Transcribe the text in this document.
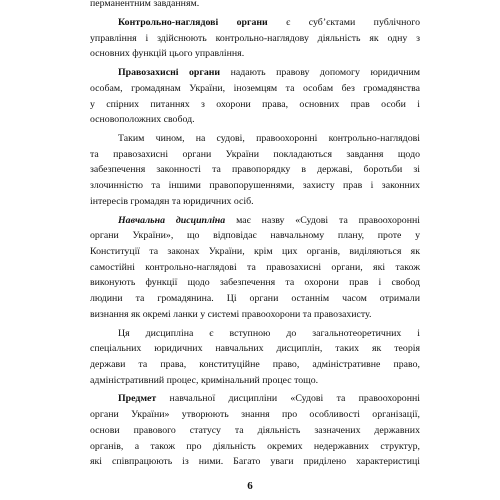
перманентним завданням.

Контрольно-наглядові органи є суб’єктами публічного
управління і здійснюють контрольно-наглядову діяльність як одну з
основних функцій цього управління.

Правозахисні органи надають правову допомогу юридичним
особам, громадянам України, іноземцям та особам без громадянства
у спірних питаннях з охорони права, основних прав особи і
основоположних свобод.

Таким чином, на судові, правоохоронні контрольно-наглядові
та правозахисні органи України покладаються завдання щодо
забезпечення законності та правопорядку в державі, боротьби зі
злочинністю та іншими правопорушеннями, захисту прав і законних
інтересів громадян та юридичних осіб.

Навчальна дисципліна має назву «Судові та правоохоронні
органи України», що відповідає навчальному плану, проте у
Конституції та законах України, крім цих органів, виділяються як
самостійні контрольно-наглядові та правозахисні органи, які також
виконують функції щодо забезпечення та охорони прав і свобод
людини та громадянина. Ці органи останнім часом отримали
визнання як окремі ланки у системі правоохорони та правозахисту.

Ця дисципліна є вступною до загальнотеоретичних і
спеціальних юридичних навчальних дисциплін, таких як теорія
держави та права, конституційне право, адміністративне право,
адміністративний процес, кримінальний процес тощо.

Предмет навчальної дисципліни «Судові та правоохоронні
органи України» утворюють знання про особливості організації,
основи правового статусу та діяльність зазначених державних
органів, а також про діяльність окремих недержавних структур,
які співпрацюють із ними. Багато уваги приділено характеристиці

6
